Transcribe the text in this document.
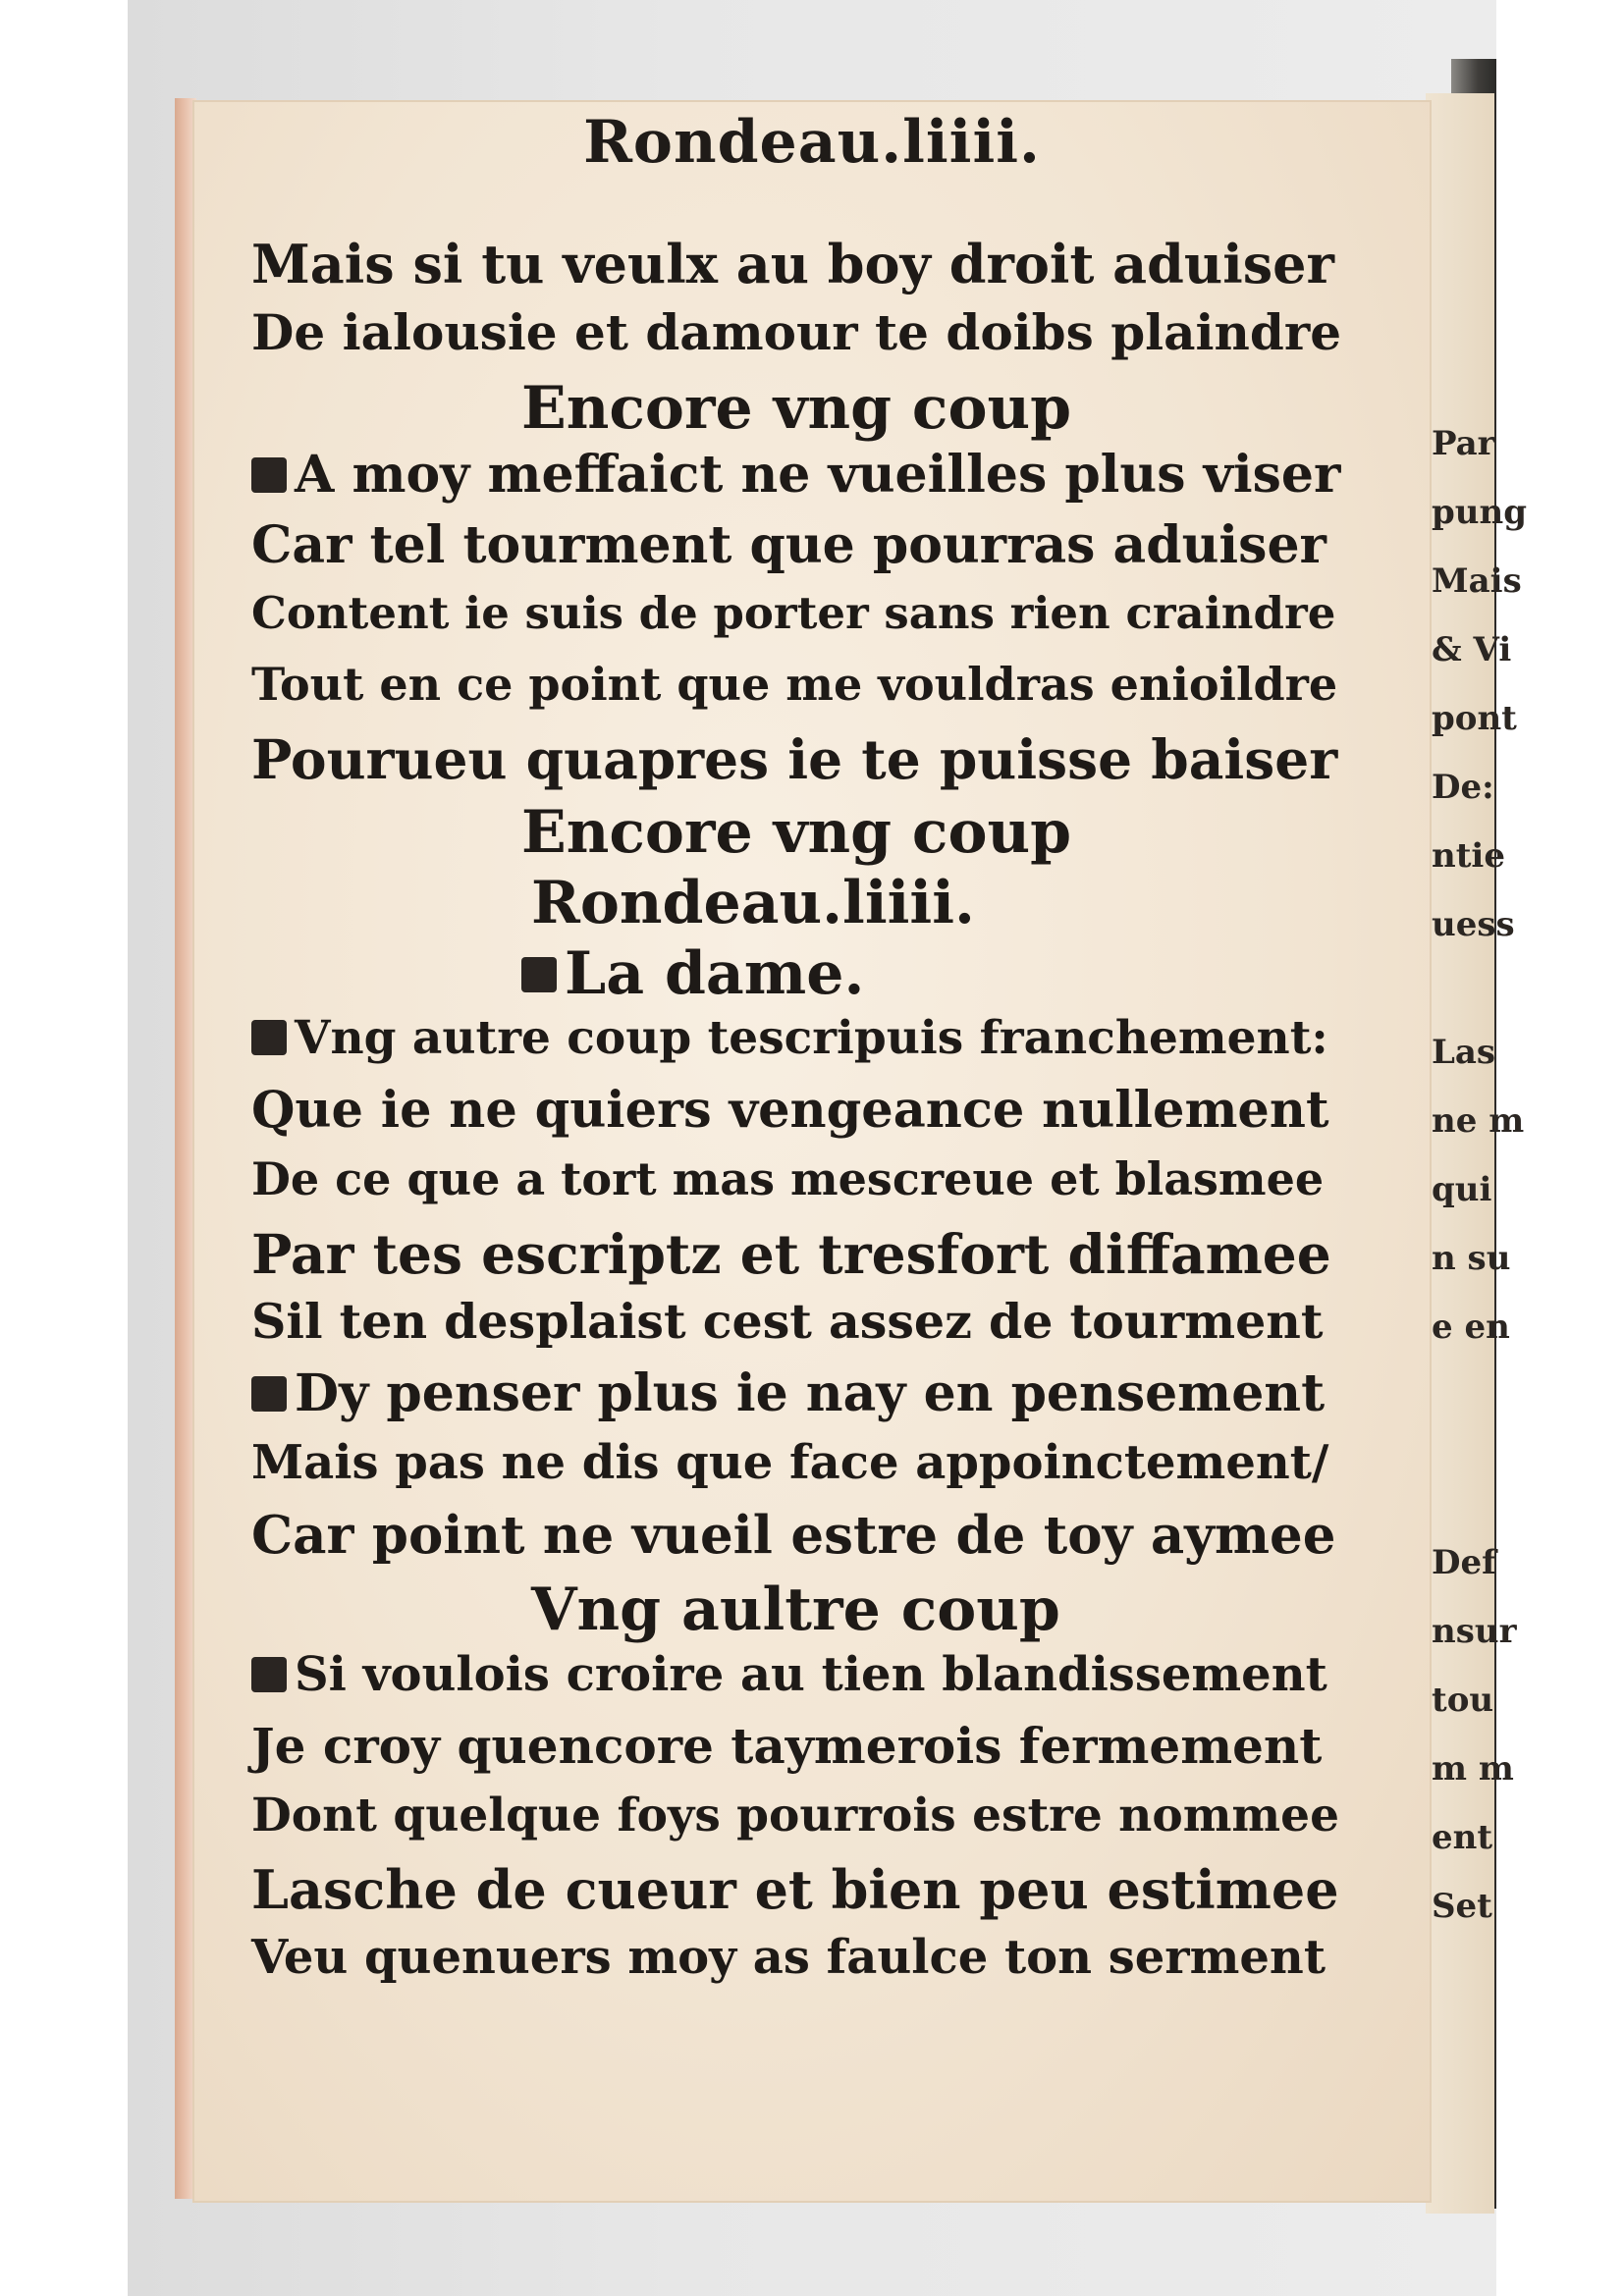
Par
pung
Mais
& Vi
pont
De:
ntie
uess
Las
ne m
qui
n su
e en
Def
nsur
tou
m m
ent
Set
Rondeau.liiii.
Mais si tu veulx au boy droit aduiser
De ialousie et damour te doibs plaindre
Encore vng coup
A moy meffaict ne vueilles plus viser
Car tel tourment que pourras aduiser
Content ie suis de porter sans rien craindre
Tout en ce point que me vouldras enioildre
Pourueu quapres ie te puisse baiser
Encore vng coup
Rondeau.liiii.
La dame.
Vng autre coup tescripuis franchement:
Que ie ne quiers vengeance nullement
De ce que a tort mas mescreue et blasmee
Par tes escriptz et tresfort diffamee
Sil ten desplaist cest assez de tourment
Dy penser plus ie nay en pensement
Mais pas ne dis que face appoinctement/
Car point ne vueil estre de toy aymee
Vng aultre coup
Si voulois croire au tien blandissement
Je croy quencore taymerois fermement
Dont quelque foys pourrois estre nommee
Lasche de cueur et bien peu estimee
Veu quenuers moy as faulce ton serment
